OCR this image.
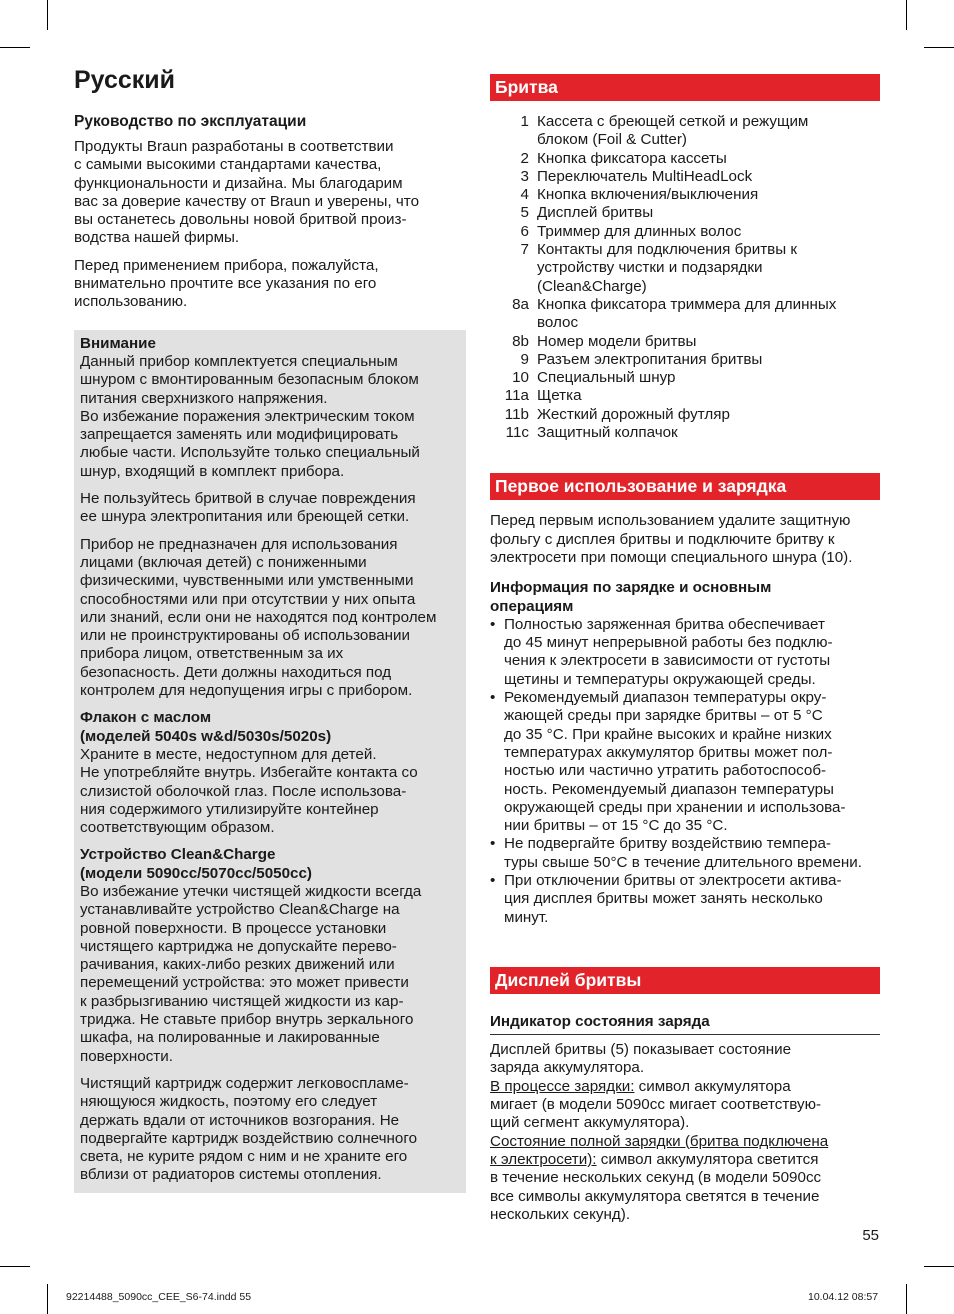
Русский
Руководство по эксплуатации

Продукты Braun разработаны в соответствии
с самыми высокими стандартами качества,
функциональности и дизайна. Мы благодарим
вас за доверие качеству от Braun и уверены, что
вы останетесь довольны новой бритвой произ-
водства нашей фирмы.

Перед применением прибора, пожалуйста,
внимательно прочтите все указания по его
использованию.

Внимание
Данный прибор комплектуется специальным
шнуром с вмонтированным безопасным блоком
питания сверхнизкого напряжения.
Во избежание поражения электрическим током
запрещается заменять или модифицировать
любые части. Используйте только специальный
шнур, входящий в комплект прибора.

Не пользуйтесь бритвой в случае повреждения
ее шнура электропитания или бреющей сетки.

Прибор не предназначен для использования
лицами (включая детей) с пониженными
физическими, чувственными или умственными
способностями или при отсутствии у них опыта
или знаний, если они не находятся под контролем
или не проинструктированы об использовании
прибора лицом, ответственным за их
безопасность. Дети должны находиться под
контролем для недопущения игры с прибором.

Флакон с маслом
(моделей 5040s w&d/5030s/5020s)
Храните в месте, недоступном для детей.
Не употребляйте внутрь. Избегайте контакта со
слизистой оболочкой глаз. После использова-
ния содержимого утилизируйте контейнер
соответствующим образом.

Устройство Clean&Charge
(модели 5090cc/5070cc/5050cc)
Во избежание утечки чистящей жидкости всегда
устанавливайте устройство Clean&Charge на
ровной поверхности. В процессе установки
чистящего картриджа не допускайте перево-
рачивания, каких-либо резких движений или
перемещений устройства: это может привести
к разбрызгиванию чистящей жидкости из кар-
триджа. Не ставьте прибор внутрь зеркального
шкафа, на полированные и лакированные
поверхности.

Чистящий картридж содержит легковоспламе-
няющуюся жидкость, поэтому его следует
держать вдали от источников возгорания. Не
подвергайте картридж воздействию солнечного
света, не курите рядом с ним и не храните его
вблизи от радиаторов системы отопления.

Бритва
1 Кассета с бреющей сеткой и режущим
блоком (Foil & Cutter)
2 Кнопка фиксатора кассеты
3 Переключатель MultiHeadLock
4 Кнопка включения/выключения
5 Дисплей бритвы
6 Триммер для длинных волос
7 Контакты для подключения бритвы к
устройству чистки и подзарядки
(Clean&Charge)
8a Кнопка фиксатора триммера для длинных
волос
8b Номер модели бритвы
9 Разъем электропитания бритвы
10 Специальный шнур
11a Щетка
11b Жесткий дорожный футляр
11c Защитный колпачок
Первое использование и зарядка

Перед первым использованием удалите защитную
фольгу с дисплея бритвы и подключите бритву к
электросети при помощи специального шнура (10).

Информация по зарядке и основным
операциям

• Полностью заряженная бритва обеспечивает
до 45 минут непрерывной работы без подклю-
чения к электросети в зависимости от густоты
щетины и температуры окружающей среды.
• Рекомендуемый диапазон температуры окру-
жающей среды при зарядке бритвы – от 5 °C
до 35 °C. При крайне высоких и крайне низких
температурах аккумулятор бритвы может пол-
ностью или частично утратить работоспособ-
ность. Рекомендуемый диапазон температуры
окружающей среды при хранении и использова-
нии бритвы – от 15 °C до 35 °C.
• Не подвергайте бритву воздействию темпера-
туры свыше 50°C в течение длительного времени.
• При отключении бритвы от электросети актива-
ция дисплея бритвы может занять несколько
минут.
Дисплей бритвы
Индикатор состояния заряда

Дисплей бритвы (5) показывает состояние
заряда аккумулятора.
В процессе зарядки: символ аккумулятора

мигает (в модели 5090cc мигает соответствую-
щий сегмент аккумулятора).
Состояние полной зарядки (бритва подключена
к электросети): символ аккумулятора светится

в течение нескольких секунд (в модели 5090cc
все символы аккумулятора светятся в течение
нескольких секунд).

55
92214488_5090cc_CEE_S6-74.indd 55	10.04.12 08:57
